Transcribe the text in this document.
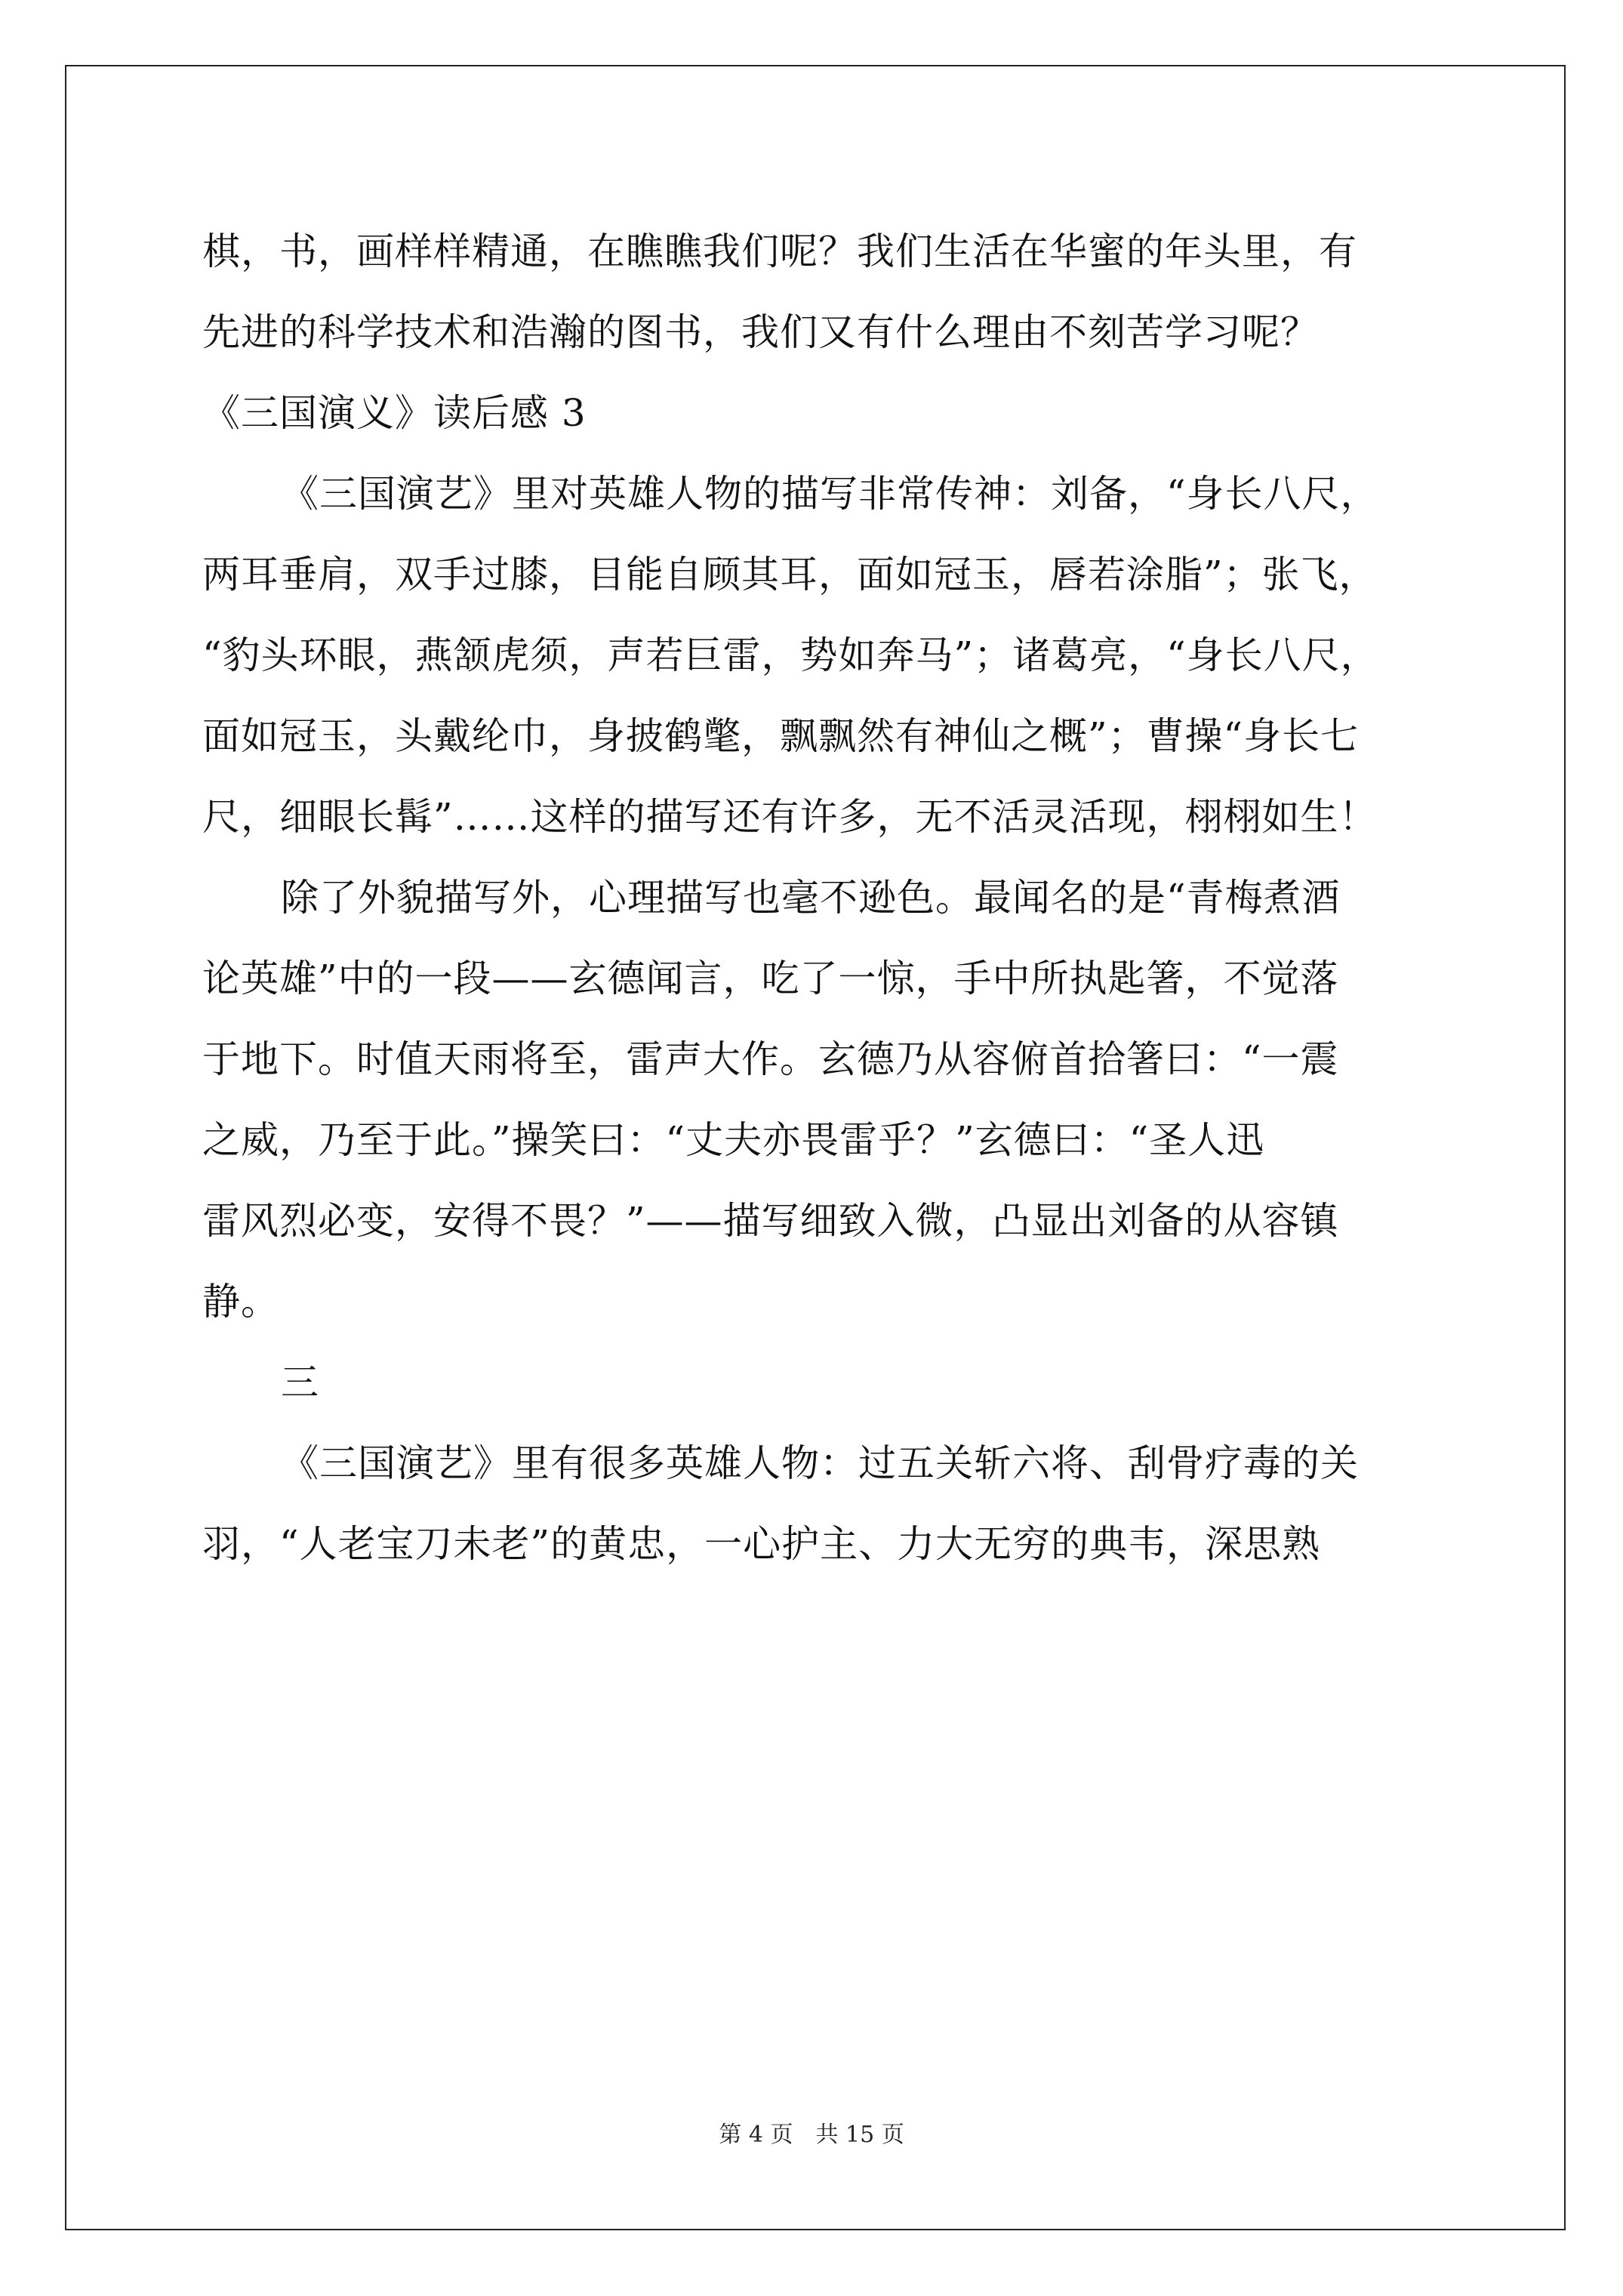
棋，书，画样样精通，在瞧瞧我们呢？我们生活在华蜜的年头里，有
先进的科学技术和浩瀚的图书，我们又有什么理由不刻苦学习呢？
《三国演义》读后感 3
《三国演艺》里对英雄人物的描写非常传神：刘备，“身长八尺，
两耳垂肩，双手过膝，目能自顾其耳，面如冠玉，唇若涂脂”；张飞，
“豹头环眼，燕颔虎须，声若巨雷，势如奔马”；诸葛亮，“身长八尺，
面如冠玉，头戴纶巾，身披鹤氅，飘飘然有神仙之概”；曹操“身长七
尺，细眼长髯”……这样的描写还有许多，无不活灵活现，栩栩如生！
除了外貌描写外，心理描写也毫不逊色。最闻名的是“青梅煮酒
论英雄”中的一段——玄德闻言，吃了一惊，手中所执匙箸，不觉落
于地下。时值天雨将至，雷声大作。玄德乃从容俯首拾箸曰：“一震
之威，乃至于此。”操笑曰：“丈夫亦畏雷乎？”玄德曰：“圣人迅
雷风烈必变，安得不畏？”——描写细致入微，凸显出刘备的从容镇
静。
三
《三国演艺》里有很多英雄人物：过五关斩六将、刮骨疗毒的关
羽，“人老宝刀未老”的黄忠，一心护主、力大无穷的典韦，深思熟
第 4 页　共 15 页
